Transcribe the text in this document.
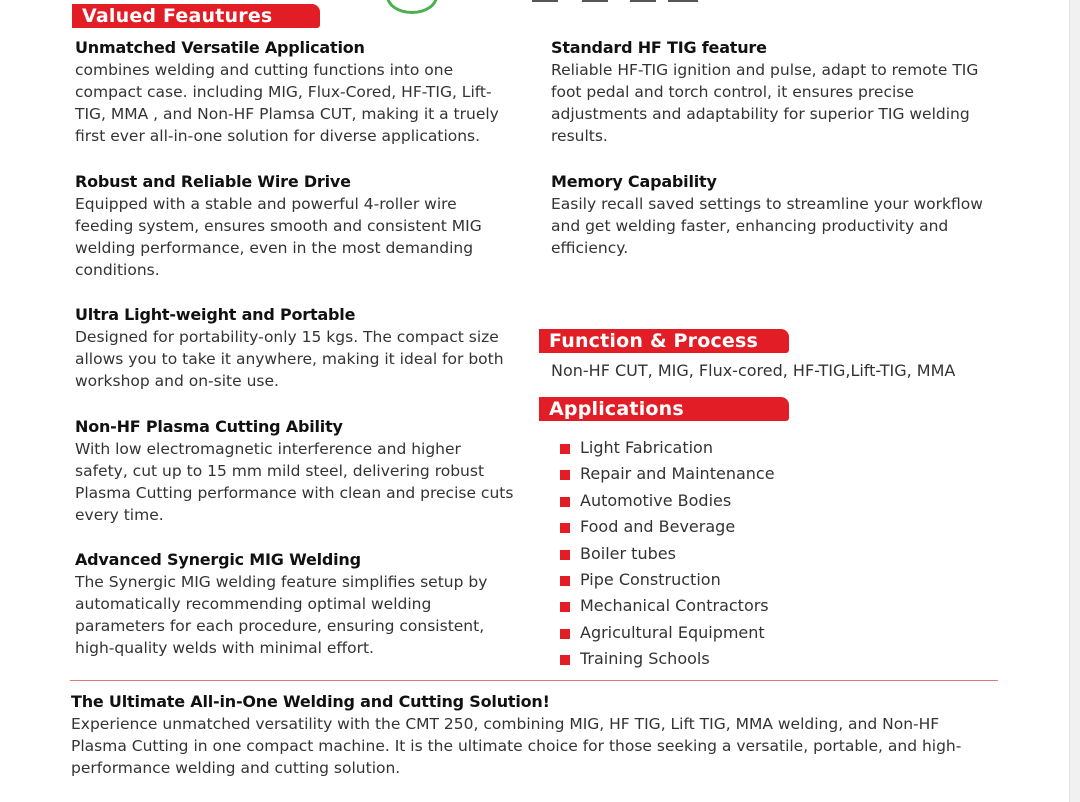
Valued Feautures
Unmatched Versatile Application
combines welding and cutting functions into one
compact case. including MIG, Flux-Cored, HF-TIG, Lift-
TIG, MMA , and Non-HF Plamsa CUT, making it a truely
first ever all-in-one solution for diverse applications.
Robust and Reliable Wire Drive
Equipped with a stable and powerful 4-roller wire
feeding system, ensures smooth and consistent MIG
welding performance, even in the most demanding
conditions.
Ultra Light-weight and Portable
Designed for portability-only 15 kgs. The compact size
allows you to take it anywhere, making it ideal for both
workshop and on-site use.
Non-HF Plasma Cutting Ability
With low electromagnetic interference and higher
safety, cut up to 15 mm mild steel, delivering robust
Plasma Cutting performance with clean and precise cuts
every time.
Advanced Synergic MIG Welding
The Synergic MIG welding feature simplifies setup by
automatically recommending optimal welding
parameters for each procedure, ensuring consistent,
high-quality welds with minimal effort.
Standard HF TIG feature
Reliable HF-TIG ignition and pulse, adapt to remote TIG
foot pedal and torch control, it ensures precise
adjustments and adaptability for superior TIG welding
results.
Memory Capability
Easily recall saved settings to streamline your workflow
and get welding faster, enhancing productivity and
efficiency.
Function & Process
Non-HF CUT, MIG, Flux-cored, HF-TIG,Lift-TIG, MMA
Applications
Light Fabrication
Repair and Maintenance
Automotive Bodies
Food and Beverage
Boiler tubes
Pipe Construction
Mechanical Contractors
Agricultural Equipment
Training Schools
The Ultimate All-in-One Welding and Cutting Solution!
Experience unmatched versatility with the CMT 250, combining MIG, HF TIG, Lift TIG, MMA welding, and Non-HF
Plasma Cutting in one compact machine. It is the ultimate choice for those seeking a versatile, portable, and high-
performance welding and cutting solution.
